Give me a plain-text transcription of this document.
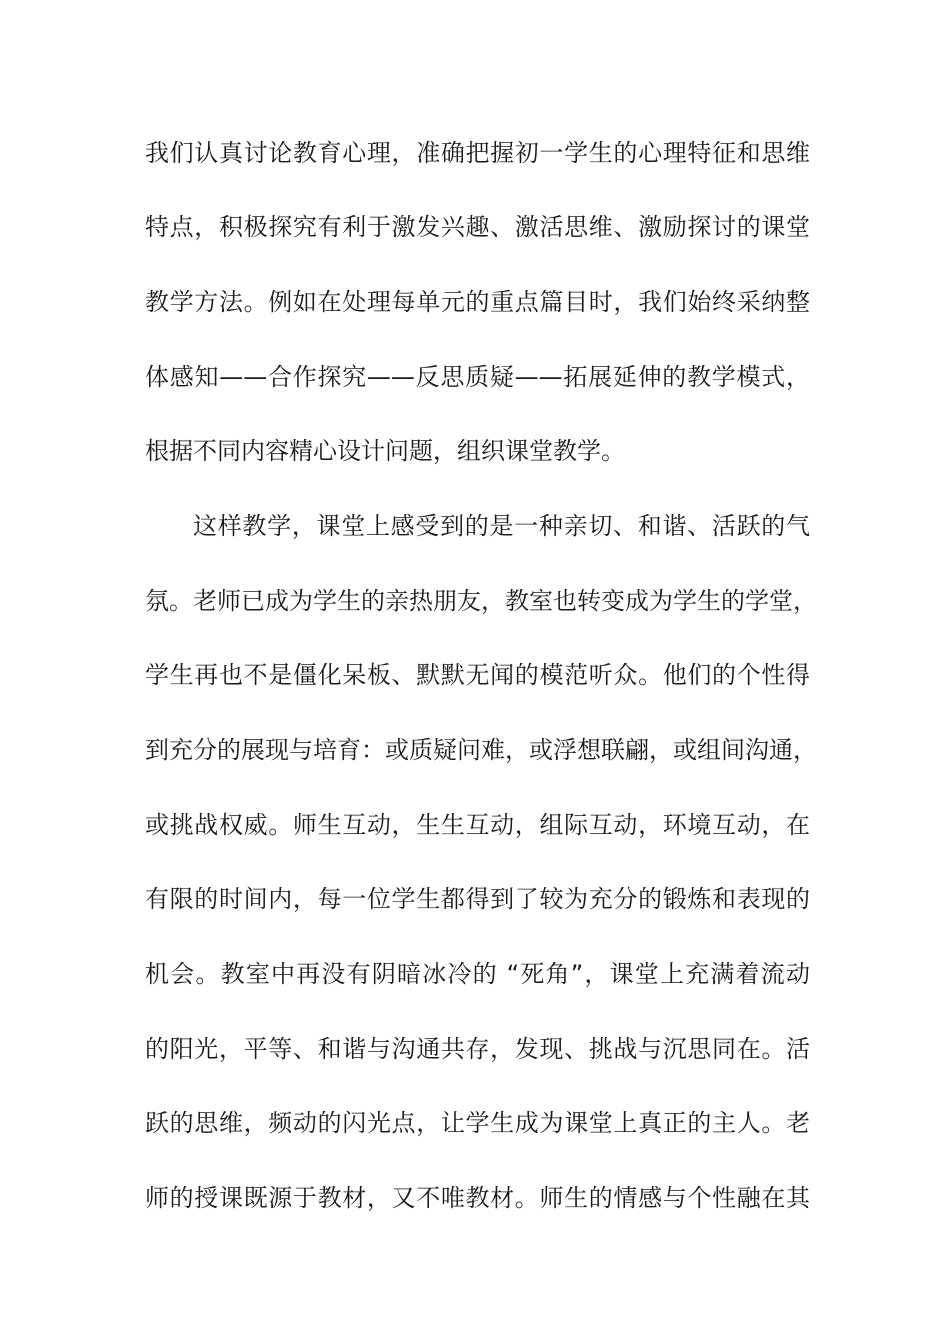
我们认真讨论教育心理，准确把握初一学生的心理特征和思维
特点，积极探究有利于激发兴趣、激活思维、激励探讨的课堂
教学方法。例如在处理每单元的重点篇目时，我们始终采纳整
体感知——合作探究——反思质疑——拓展延伸的教学模式，
根据不同内容精心设计问题，组织课堂教学。
这样教学，课堂上感受到的是一种亲切、和谐、活跃的气
氛。老师已成为学生的亲热朋友，教室也转变成为学生的学堂，
学生再也不是僵化呆板、默默无闻的模范听众。他们的个性得
到充分的展现与培育：或质疑问难，或浮想联翩，或组间沟通，
或挑战权威。师生互动，生生互动，组际互动，环境互动，在
有限的时间内，每一位学生都得到了较为充分的锻炼和表现的
机会。教室中再没有阴暗冰冷的 “死角”，课堂上充满着流动
的阳光，平等、和谐与沟通共存，发现、挑战与沉思同在。活
跃的思维，频动的闪光点，让学生成为课堂上真正的主人。老
师的授课既源于教材，又不唯教材。师生的情感与个性融在其
